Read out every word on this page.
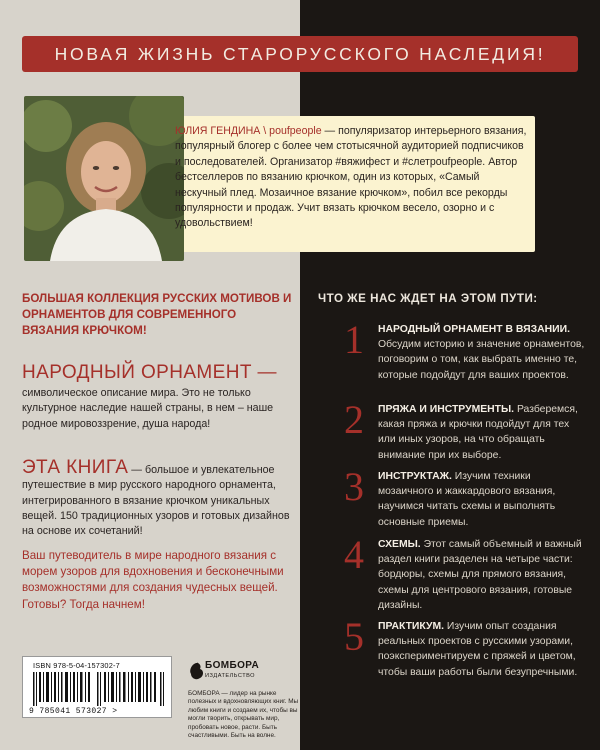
НОВАЯ ЖИЗНЬ СТАРОРУССКОГО НАСЛЕДИЯ!
ЮЛИЯ ГЕНДИНА \ poufpeople — популяризатор интерьерного вязания, популярный блогер с более чем стотысячной аудиторией подписчиков и последователей. Организатор #вяжифест и #слетpoufpeople. Автор бестселлеров по вязанию крючком, один из которых, «Самый нескучный плед. Мозаичное вязание крючком», побил все рекорды популярности и продаж. Учит вязать крючком весело, озорно и с удовольствием!
БОЛЬШАЯ КОЛЛЕКЦИЯ РУССКИХ МОТИВОВ И ОРНАМЕНТОВ ДЛЯ СОВРЕМЕННОГО ВЯЗАНИЯ КРЮЧКОМ!
НАРОДНЫЙ ОРНАМЕНТ —
символическое описание мира. Это не только культурное наследие нашей страны, в нем – наше родное мировоззрение, душа народа!
ЭТА КНИГА — большое и увлекательное путешествие в мир русского народного орнамента, интегрированного в вязание крючком уникальных вещей. 150 традиционных узоров и готовых дизайнов на основе их сочетаний!
Ваш путеводитель в мире народного вязания с морем узоров для вдохновения и бесконечными возможностями для создания чудесных вещей. Готовы? Тогда начнем!
ЧТО ЖЕ НАС ЖДЕТ НА ЭТОМ ПУТИ:
1 НАРОДНЫЙ ОРНАМЕНТ В ВЯЗАНИИ. Обсудим историю и значение орнаментов, поговорим о том, как выбрать именно те, которые подойдут для ваших проектов.
2 ПРЯЖА И ИНСТРУМЕНТЫ. Разберемся, какая пряжа и крючки подойдут для тех или иных узоров, на что обращать внимание при их выборе.
3 ИНСТРУКТАЖ. Изучим техники мозаичного и жаккардового вязания, научимся читать схемы и выполнять основные приемы.
4 СХЕМЫ. Этот самый объемный и важный раздел книги разделен на четыре части: бордюры, схемы для прямого вязания, схемы для центрового вязания, готовые дизайны.
5 ПРАКТИКУМ. Изучим опыт создания реальных проектов с русскими узорами, поэкспериментируем с пряжей и цветом, чтобы ваши работы были безупречными.
ISBN 978-5-04-157302-7
9 785041 573027 >
БОМБОРА
ИЗДАТЕЛЬСТВО
БОМБОРА — лидер на рынке полезных и вдохновляющих книг. Мы любим книги и создаем их, чтобы вы могли творить, открывать мир, пробовать новое, расти. Быть счастливыми. Быть на волне.
